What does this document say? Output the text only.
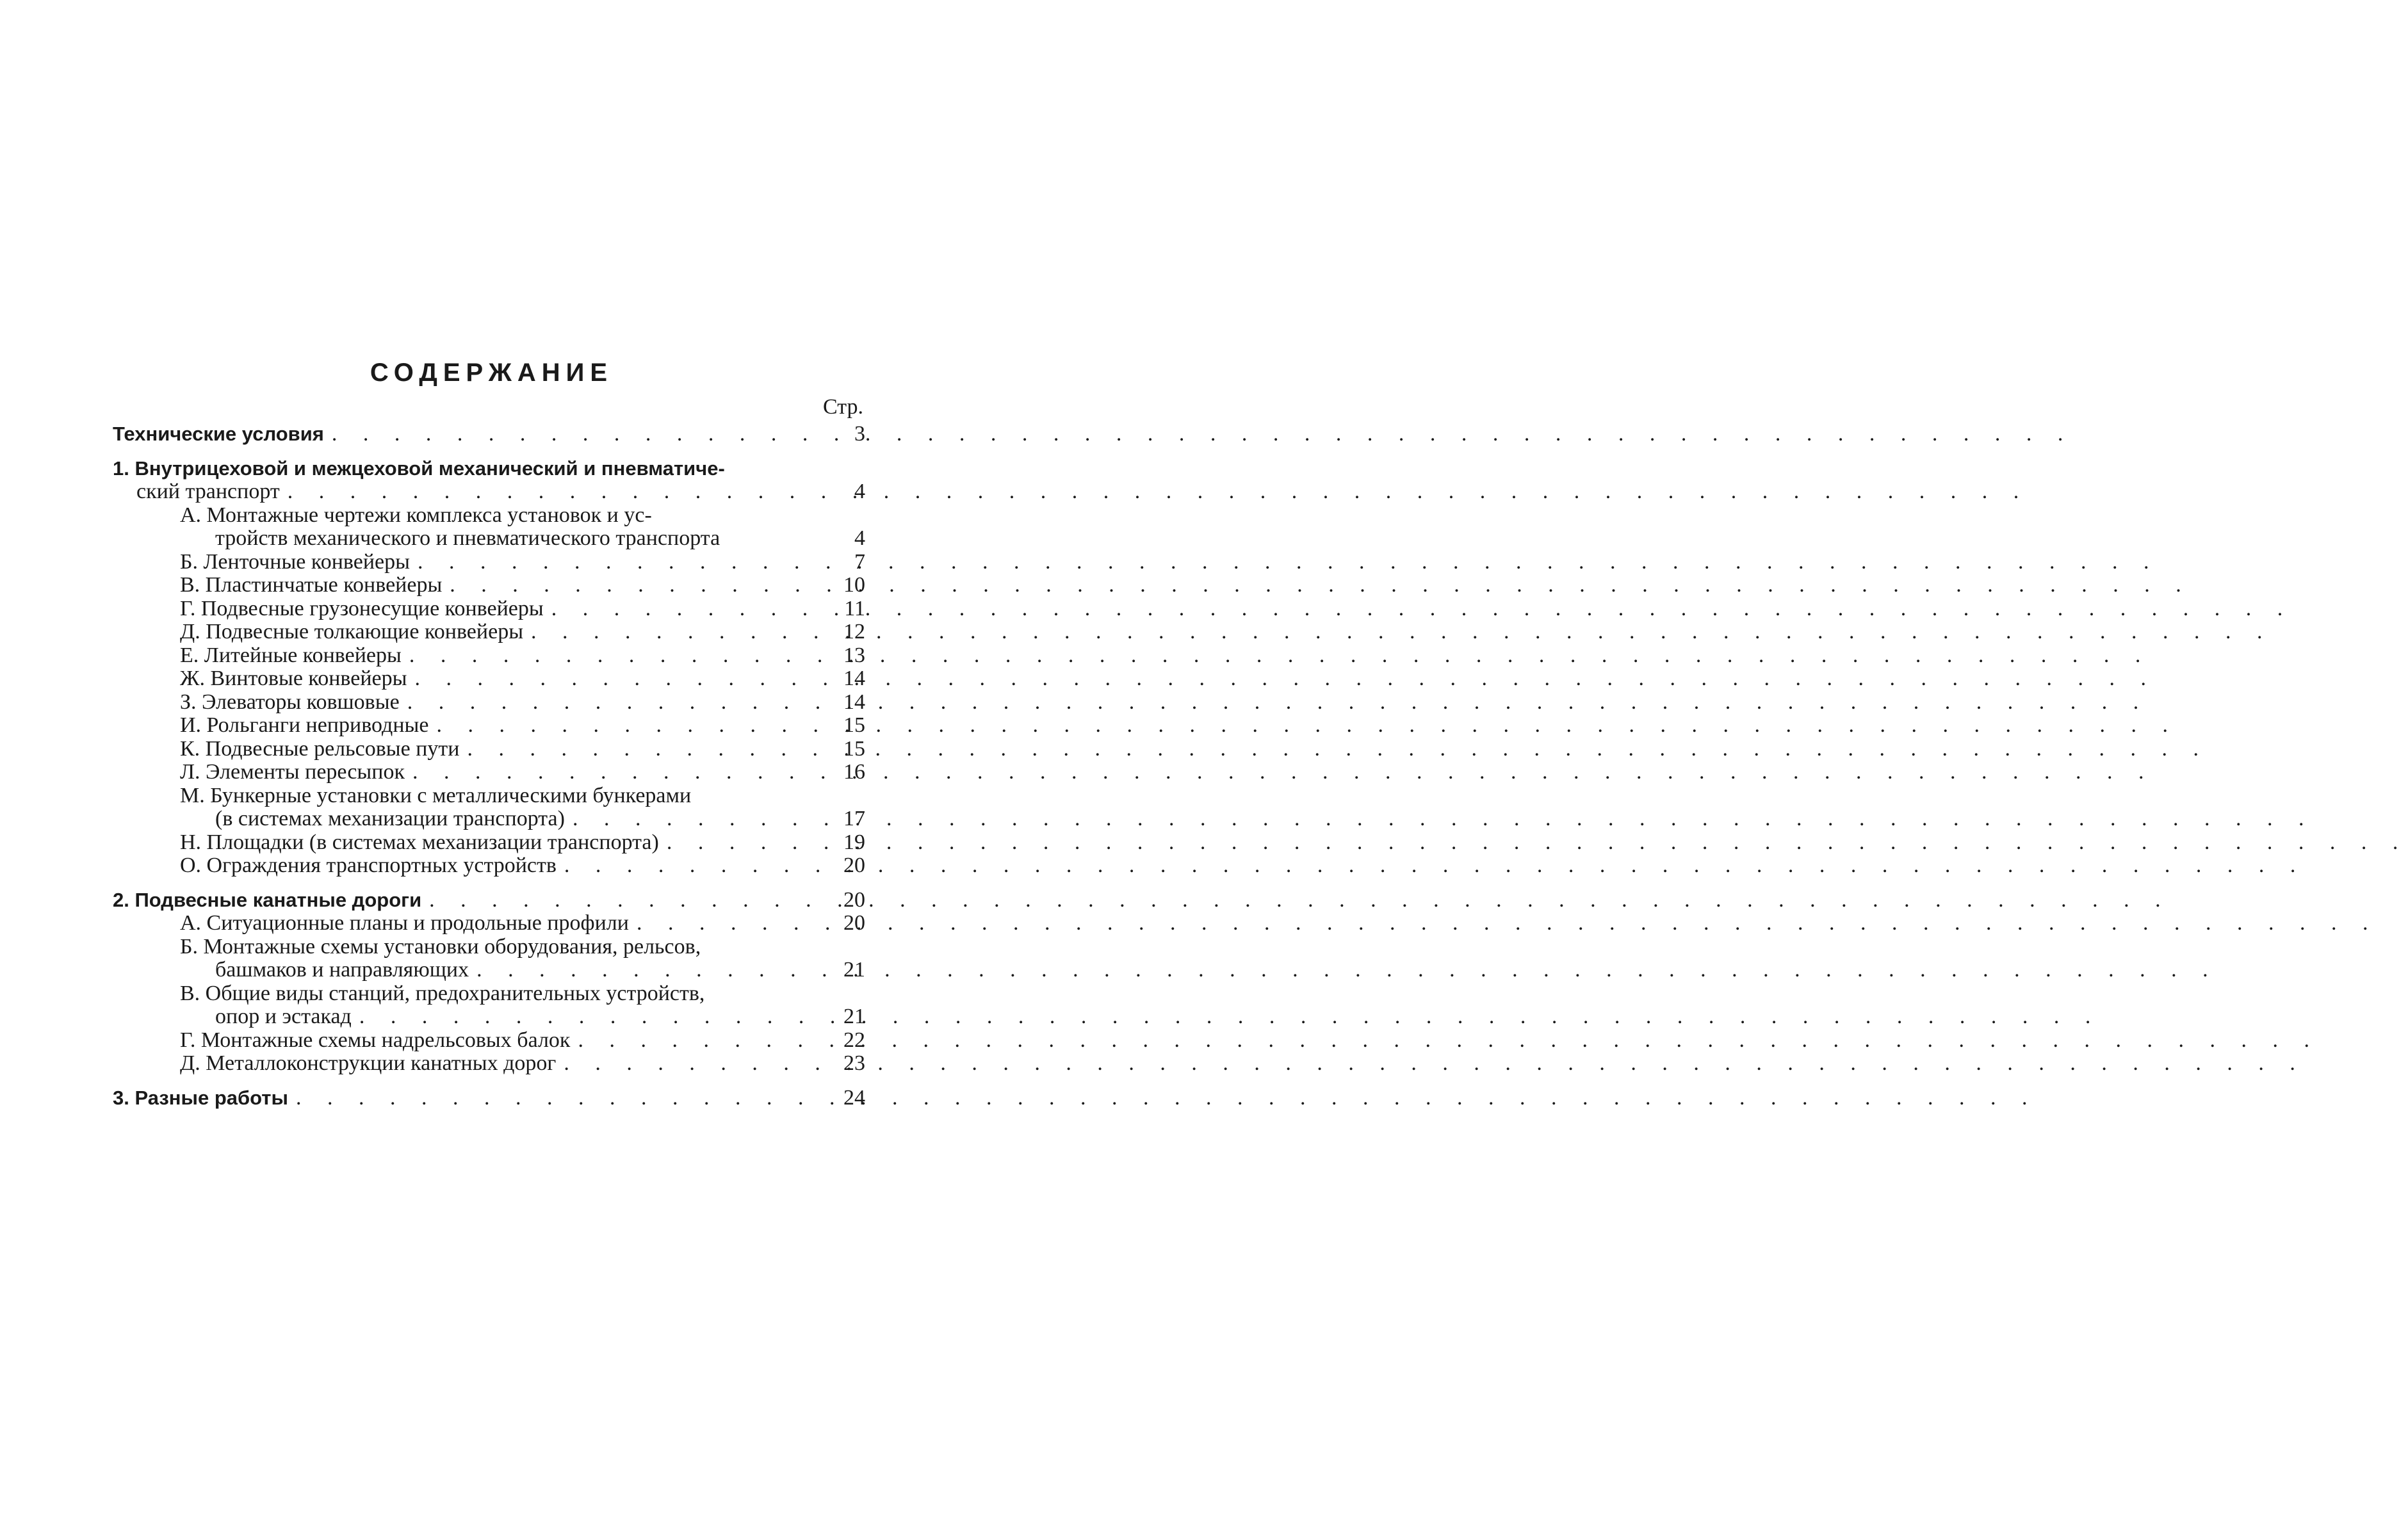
СОДЕРЖАНИЕ
Стр.
Технические условия . . .	3
1. Внутрицеховой и межцеховой механический и пневматиче-
ский транспорт . . .	4
А. Монтажные чертежи комплекса установок и ус-
тройств механического и пневматического транспорта	4
Б. Ленточные конвейеры . . .	7
В. Пластинчатые конвейеры . . .	10
Г. Подвесные грузонесущие конвейеры . . .	11
Д. Подвесные толкающие конвейеры . . .	12
Е. Литейные конвейеры . . .	13
Ж. Винтовые конвейеры . . .	14
З. Элеваторы ковшовые . . .	14
И. Рольганги неприводные . . .	15
К. Подвесные рельсовые пути . . .	15
Л. Элементы пересыпок . . .	16
М. Бункерные установки с металлическими бункерами
(в системах механизации транспорта) . . .	17
Н. Площадки (в системах механизации транспорта) . . .	19
О. Ограждения транспортных устройств . . .	20
2. Подвесные канатные дороги . . .	20
А. Ситуационные планы и продольные профили . . .	20
Б. Монтажные схемы установки оборудования, рельсов,
башмаков и направляющих . . .	21
В. Общие виды станций, предохранительных устройств,
опор и эстакад . . .	21
Г. Монтажные схемы надрельсовых балок . . .	22
Д. Металлоконструкции канатных дорог . . .	23
3. Разные работы . . .	24
